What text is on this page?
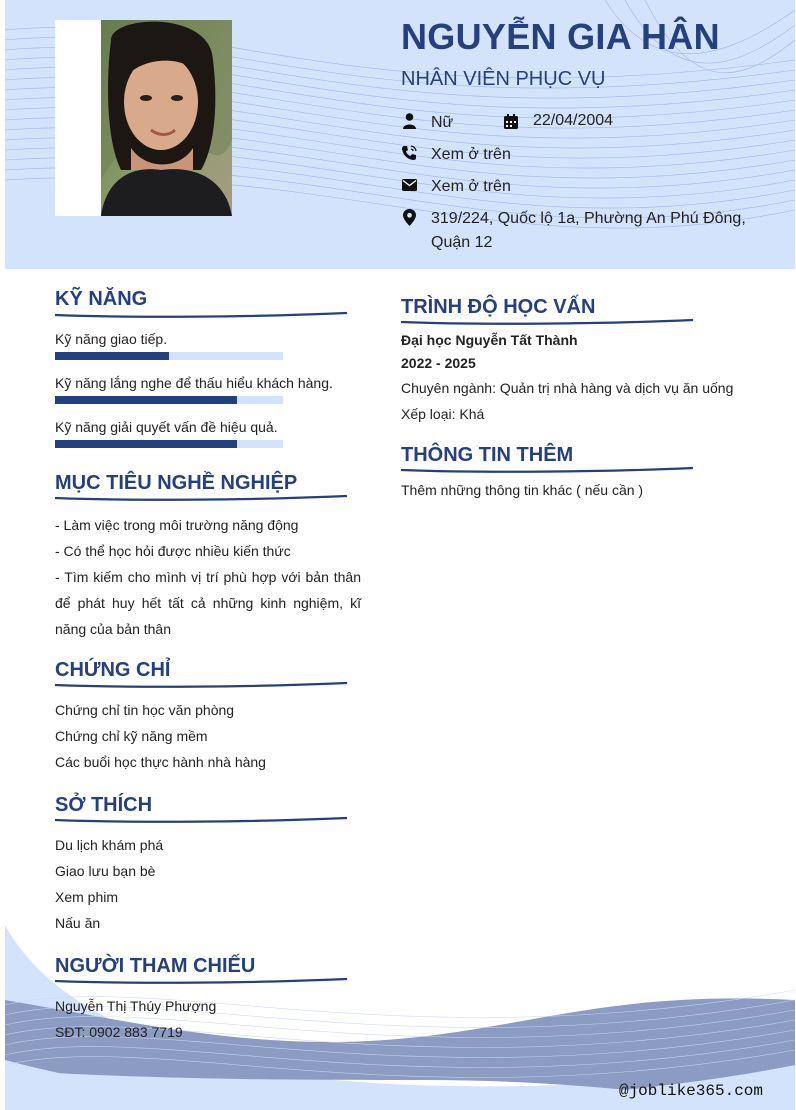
NGUYỄN GIA HÂN
NHÂN VIÊN PHỤC VỤ
Nữ	22/04/2004
Xem ở trên
Xem ở trên
319/224, Quốc lộ 1a, Phường An Phú Đông,
Quận 12
KỸ NĂNG
Kỹ năng giao tiếp.
Kỹ năng lắng nghe để thấu hiểu khách hàng.
Kỹ năng giải quyết vấn đề hiệu quả.
MỤC TIÊU NGHỀ NGHIỆP

- Làm việc trong môi trường năng động

- Có thể học hỏi được nhiều kiến thức

- Tìm kiếm cho mình vị trí phù hợp với bản thân để phát huy hết tất cả những kinh nghiệm, kĩ năng của bản thân

CHỨNG CHỈ
Chứng chỉ tin học văn phòng
Chứng chỉ kỹ năng mềm
Các buổi học thực hành nhà hàng
SỞ THÍCH
Du lịch khám phá
Giao lưu bạn bè
Xem phim
Nấu ăn
NGƯỜI THAM CHIẾU
Nguyễn Thị Thúy Phượng
SĐT: 0902 883 7719
TRÌNH ĐỘ HỌC VẤN
Đại học Nguyễn Tất Thành
2022 - 2025
Chuyên ngành: Quản trị nhà hàng và dịch vụ ăn uống
Xếp loại: Khá
THÔNG TIN THÊM
Thêm những thông tin khác ( nếu cần )
@joblike365.com
